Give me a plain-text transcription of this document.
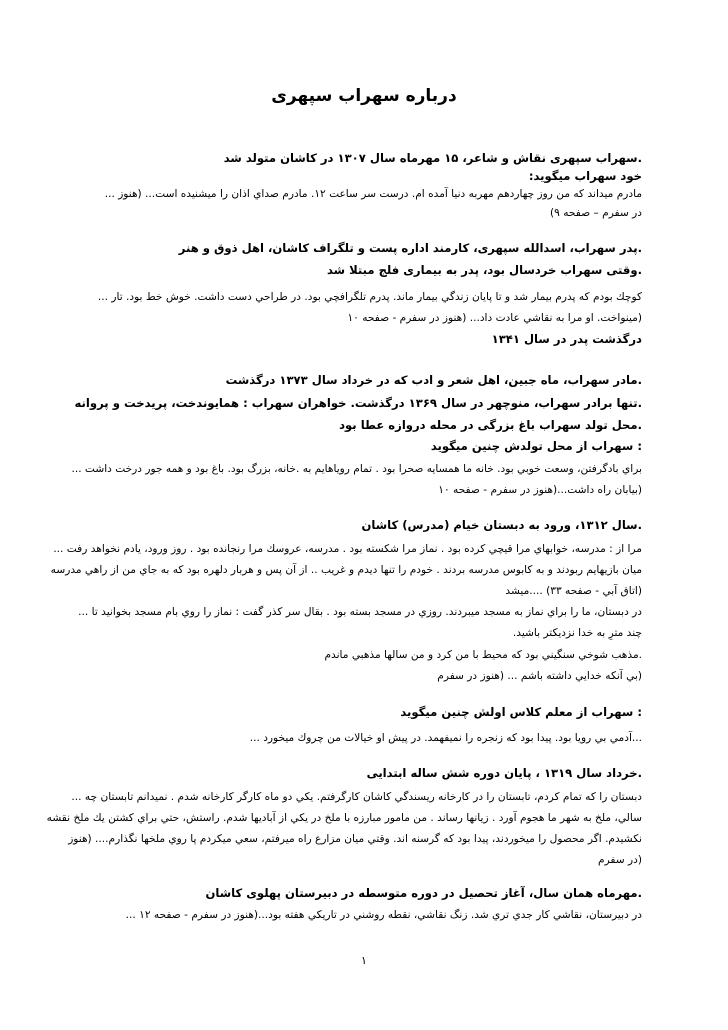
درباره سهراب سپهری
.سهراب سپهری نقاش و شاعر، ۱۵ مهرماه سال ۱۳۰۷ در کاشان متولد شد
خود سهراب میگوید:
مادرم میداند که من روز چهاردهم مهربه دنیا آمده ام. درست سر ساعت ۱۲. مادرم صداي اذان را میشنیده است... (هنوز ...
در سفرم – صفحه ۹)
.پدر سهراب، اسدالله سپهری، کارمند اداره پست و تلگراف کاشان، اهل ذوق و هنر
.وقتی سهراب خردسال بود، پدر به بیماری فلج مبتلا شد
کوچك بودم که پدرم بیمار شد و تا پایان زندگي بیمار ماند. پدرم تلگرافچي بود. در طراحي دست داشت. خوش خط بود. تار ...
(مینواخت. او مرا به نقاشي عادت داد... (هنوز در سفرم - صفحه ۱۰
درگذشت پدر در سال ۱۳۴۱
.مادر سهراب، ماه جبین، اهل شعر و ادب که در خرداد سال ۱۳۷۳ درگذشت
.تنها برادر سهراب، منوچهر در سال ۱۳۶۹ درگذشت. خواهران سهراب : همایوندخت، پریدخت و پروانه
.محل تولد سهراب باغ بزرگی در محله دروازه عطا بود
: سهراب از محل تولدش چنین میگوید
براي بادگرفتن، وسعت خوبي بود. خانه ما همسایه صحرا بود . تمام رویاهایم به .خانه، بزرگ بود. باغ بود و همه جور درخت داشت ...
(بیابان راه داشت...(هنوز در سفرم - صفحه ۱۰
.سال ۱۳۱۲، ورود به دبستان خیام (مدرس) کاشان
مرا از : مدرسه، خوابهاي مرا قیچي کرده بود . نماز مرا شکسته بود . مدرسه، عروسك مرا رنجانده بود . روز ورود، یادم نخواهد رفت ...
میان بازیهایم ربودند و به کابوس مدرسه بردند . خودم را تنها دیدم و غریب .. از آن پس و هربار دلهره بود که به جاي من از راهي مدرسه
(اتاق آبي - صفحه ۳۳) ....میشد
در دبستان، ما را براي نماز به مسجد میبردند. روزي در مسجد بسته بود . بقال سر کذر گفت : نماز را روي بام مسجد بخوانید تا ...
چند مترِ به خدا نزدیکتر باشید.
.مذهب شوخي سنگیني بود که محیط با من کرد و من سالها مذهبي ماندم
(بي آنکه خدایي داشته باشم ... (هنوز در سفرم
: سهراب از معلم کلاس اولش چنین میگوید
...آدمي بي رویا بود. پیدا بود که زنجره را نمیفهمد. در پیش او خیالات من چروك میخورد ...
.خرداد سال ۱۳۱۹ ، پایان دوره شش ساله ابتدایی
دبستان را که تمام کردم، تابستان را در کارخانه ریسندگي کاشان کارگرفتم. یکي دو ماه کارگر کارخانه شدم . نمیدانم تابستان چه ...
سالي، ملخ به شهر ما هجوم آورد . زیانها رساند . من مامور مبارزه با ملخ در یکي از آبادیها شدم. راستش، حتي براي کشتن یك ملخ نقشه
نکشیدم. اگر محصول را میخوردند، پیدا بود که گرسنه اند. وقتي میان مزارع راه میرفتم، سعي میکردم پا روي ملخها نگذارم.... (هنوز
(در سفرم
.مهرماه همان سال، آغاز تحصیل در دوره متوسطه در دبیرستان پهلوی کاشان
در دبیرستان، نقاشي كار جدي تري شد. زنگ نقاشي، نقطه روشني در تاريكي هفته بود...(هنوز در سفرم - صفحه ۱۲ ...
۱
